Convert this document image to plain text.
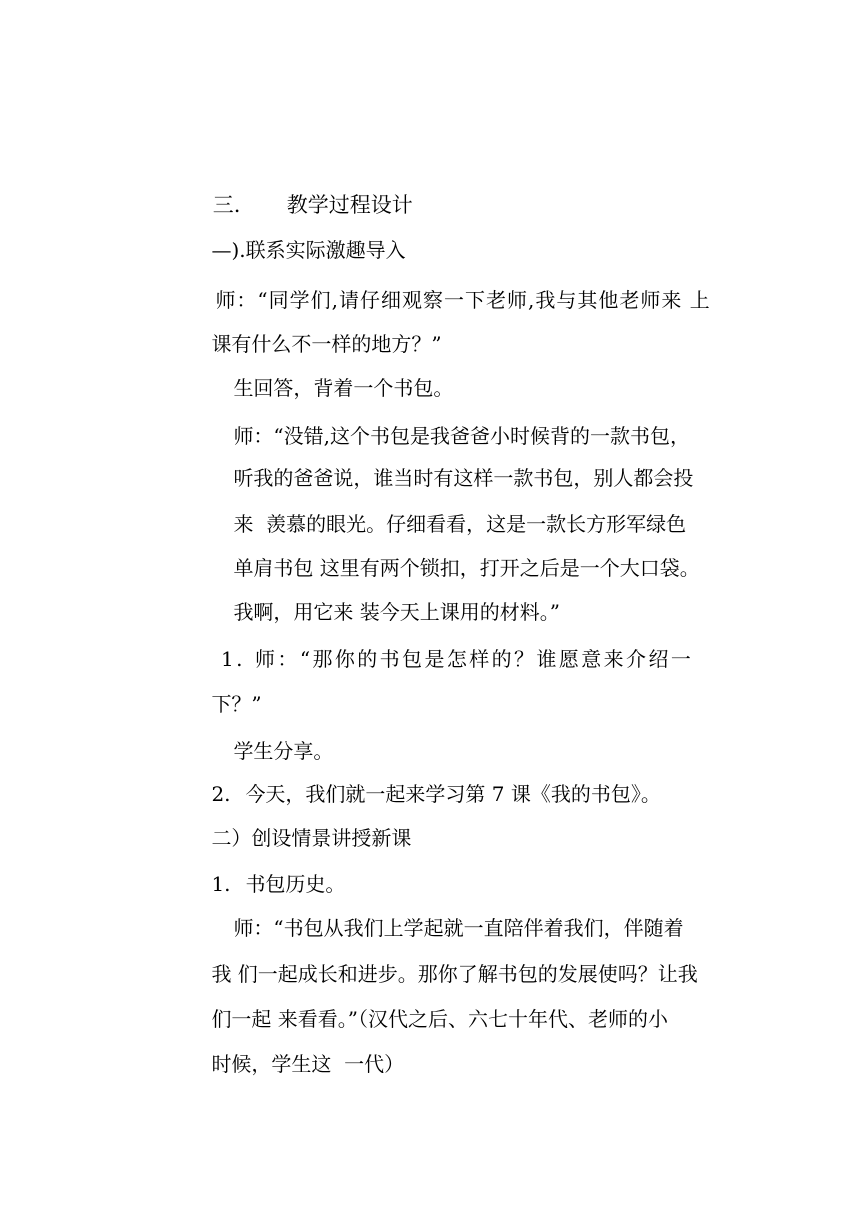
三. 教学过程设计

—).联系实际激趣导入

师：“同学们,请仔细观察一下老师,我与其他老师来 上

课有什么不一样的地方？”

生回答，背着一个书包。

师：“没错,这个书包是我爸爸小时候背的一款书包，

听我的爸爸说，谁当时有这样一款书包，别人都会投

来  羡慕的眼光。仔细看看，这是一款长方形军绿色

单肩书包 这里有两个锁扣，打开之后是一个大口袋。

我啊，用它来 装今天上课用的材料。”

1. 师：“那你的书包是怎样的？谁愿意来介绍一

下？”

学生分享。

2. 今天，我们就一起来学习第 7 课《我的书包》。

二）创设情景讲授新课

1. 书包历史。

师：“书包从我们上学起就一直陪伴着我们，伴随着

我 们一起成长和进步。那你了解书包的发展使吗？让我

们一起 来看看。”（汉代之后、六七十年代、老师的小

时候，学生这  一代）
